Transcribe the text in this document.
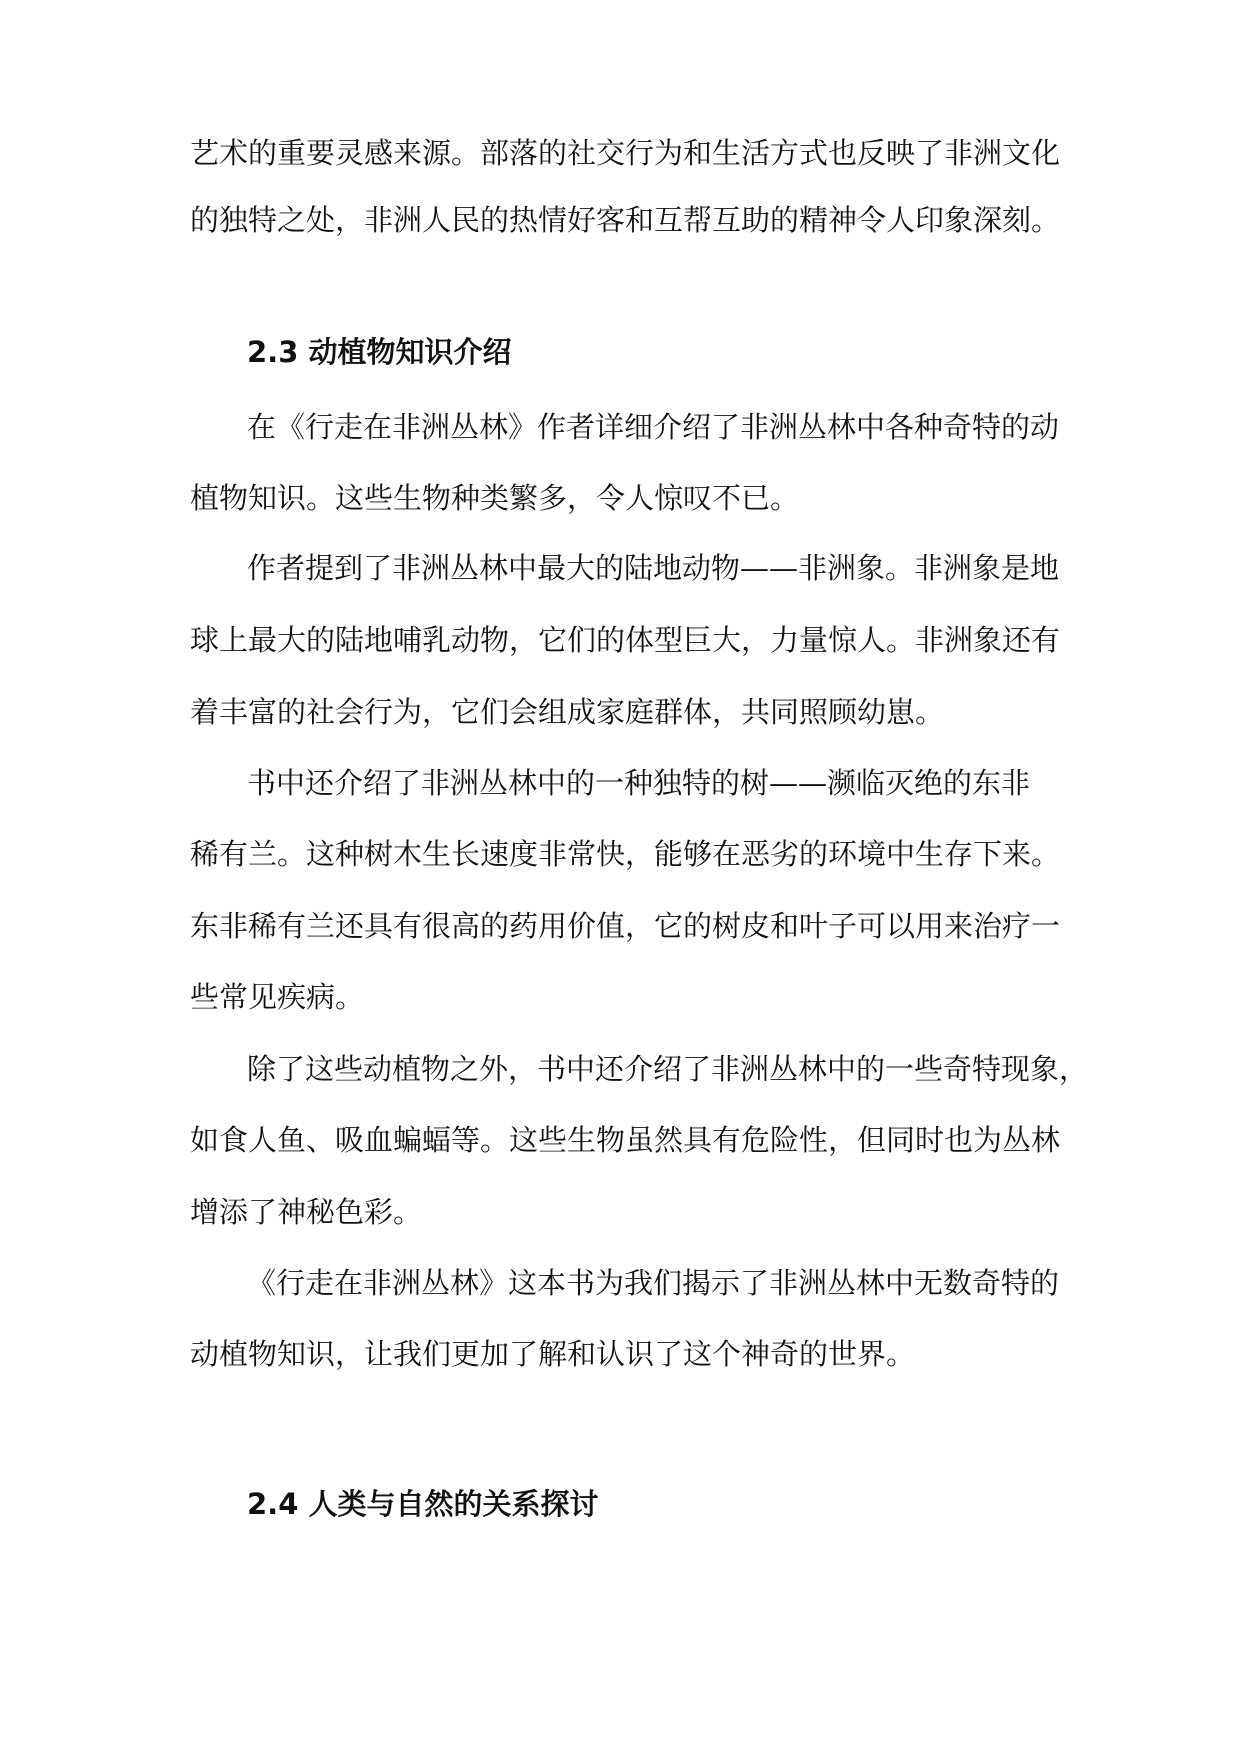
艺术的重要灵感来源。部落的社交行为和生活方式也反映了非洲文化

的独特之处，非洲人民的热情好客和互帮互助的精神令人印象深刻。

2.3 动植物知识介绍

在《行走在非洲丛林》作者详细介绍了非洲丛林中各种奇特的动

植物知识。这些生物种类繁多，令人惊叹不已。

作者提到了非洲丛林中最大的陆地动物——非洲象。非洲象是地

球上最大的陆地哺乳动物，它们的体型巨大，力量惊人。非洲象还有

着丰富的社会行为，它们会组成家庭群体，共同照顾幼崽。

书中还介绍了非洲丛林中的一种独特的树——濒临灭绝的东非

稀有兰。这种树木生长速度非常快，能够在恶劣的环境中生存下来。

东非稀有兰还具有很高的药用价值，它的树皮和叶子可以用来治疗一

些常见疾病。

除了这些动植物之外，书中还介绍了非洲丛林中的一些奇特现象，

如食人鱼、吸血蝙蝠等。这些生物虽然具有危险性，但同时也为丛林

增添了神秘色彩。

《行走在非洲丛林》这本书为我们揭示了非洲丛林中无数奇特的

动植物知识，让我们更加了解和认识了这个神奇的世界。

2.4 人类与自然的关系探讨
